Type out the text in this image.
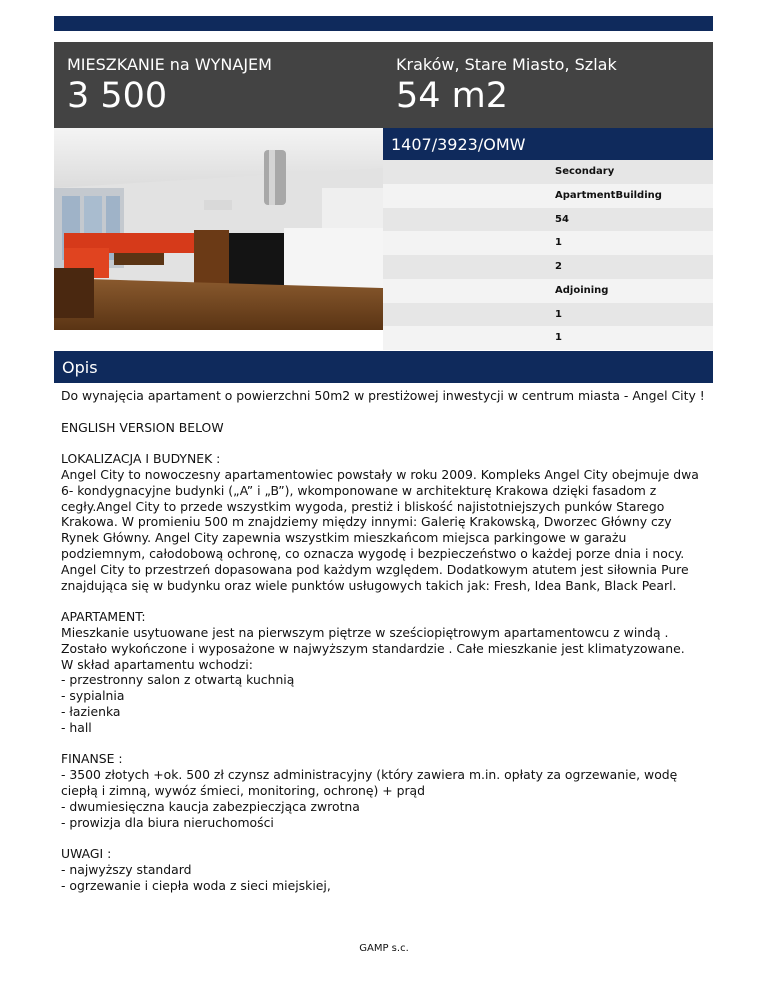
MIESZKANIE na WYNAJEM
3 500
Kraków, Stare Miasto, Szlak
54 m2
1407/3923/OMW
Secondary
ApartmentBuilding
54
1
2
Adjoining
1
1
Opis

Do wynajęcia apartament o powierzchni 50m2 w prestiżowej inwestycji w centrum miasta - Angel City !

ENGLISH VERSION BELOW

LOKALIZACJA I BUDYNEK :
Angel City to nowoczesny apartamentowiec powstały w roku 2009. Kompleks Angel City obejmuje dwa 6- kondygnacyjne budynki („A” i „B”), wkomponowane w architekturę Krakowa dzięki fasadom z cegły.Angel City to przede wszystkim wygoda, prestiż i bliskość najistotniejszych punków Starego Krakowa. W promieniu 500 m znajdziemy między innymi: Galerię Krakowską, Dworzec Główny czy Rynek Główny. Angel City zapewnia wszystkim mieszkańcom miejsca parkingowe w garażu podziemnym, całodobową ochronę, co oznacza wygodę i bezpieczeństwo o każdej porze dnia i nocy. Angel City to przestrzeń dopasowana pod każdym względem. Dodatkowym atutem jest siłownia Pure znajdująca się w budynku oraz wiele punktów usługowych takich jak: Fresh, Idea Bank, Black Pearl.

APARTAMENT:
Mieszkanie usytuowane jest na pierwszym piętrze w sześciopiętrowym apartamentowcu z windą . Zostało wykończone i wyposażone w najwyższym standardzie . Całe mieszkanie jest klimatyzowane.
W skład apartamentu wchodzi:
- przestronny salon z otwartą kuchnią
- sypialnia
- łazienka
- hall

FINANSE :
- 3500 złotych +ok. 500 zł czynsz administracyjny (który zawiera m.in. opłaty za ogrzewanie, wodę ciepłą i zimną, wywóz śmieci, monitoring, ochronę) + prąd
- dwumiesięczna kaucja zabezpieczjąca zwrotna
- prowizja dla biura nieruchomości

UWAGI :
- najwyższy standard
- ogrzewanie i ciepła woda z sieci miejskiej,

GAMP s.c.
